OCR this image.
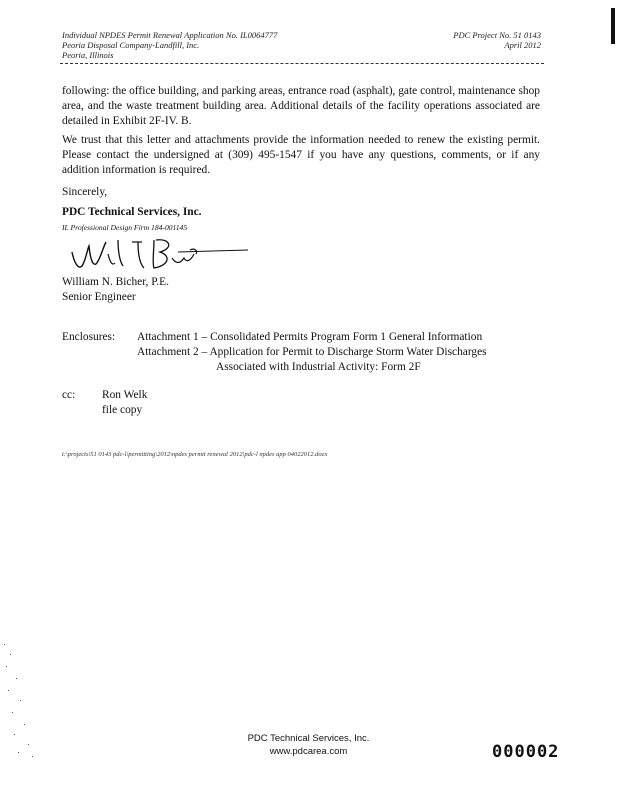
Individual NPDES Permit Renewal Application No. IL0064777
Peoria Disposal Company-Landfill, Inc.
Peoria, Illinois
PDC Project No. 51 0143
April 2012
following: the office building, and parking areas, entrance road (asphalt), gate control, maintenance shop area, and the waste treatment building area. Additional details of the facility operations associated are detailed in Exhibit 2F-IV. B.
We trust that this letter and attachments provide the information needed to renew the existing permit. Please contact the undersigned at (309) 495-1547 if you have any questions, comments, or if any addition information is required.
Sincerely,
PDC Technical Services, Inc.
IL Professional Design Firm 184-001145
William N. Bicher, P.E.
Senior Engineer
Enclosures: Attachment 1 – Consolidated Permits Program Form 1 General Information
Attachment 2 – Application for Permit to Discharge Storm Water Discharges
Associated with Industrial Activity: Form 2F
cc: Ron Welk
file copy
t:\projects\51 0143 pdc-l\permitting\2012\npdes permit renewal 2012\pdc-l npdes app 04022012.docx
PDC Technical Services, Inc.
www.pdcarea.com	000002
